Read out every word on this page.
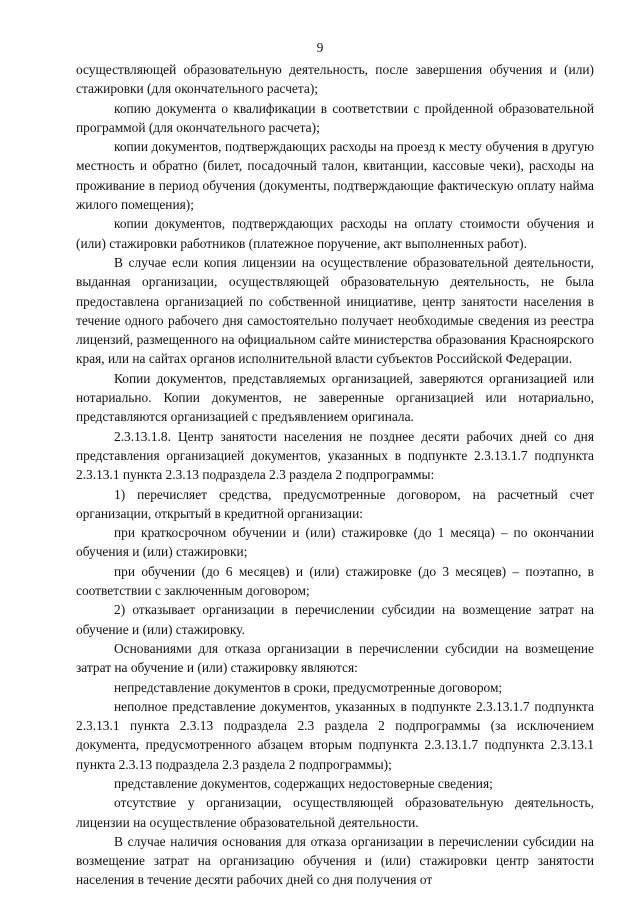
9

осуществляющей образовательную деятельность, после завершения обучения и (или) стажировки (для окончательного расчета);

копию документа о квалификации в соответствии с пройденной образовательной программой (для окончательного расчета);

копии документов, подтверждающих расходы на проезд к месту обучения в другую местность и обратно (билет, посадочный талон, квитанции, кассовые чеки), расходы на проживание в период обучения (документы, подтверждающие фактическую оплату найма жилого помещения);

копии документов, подтверждающих расходы на оплату стоимости обучения и (или) стажировки работников (платежное поручение, акт выполненных работ).

В случае если копия лицензии на осуществление образовательной деятельности, выданная организации, осуществляющей образовательную деятельность, не была предоставлена организацией по собственной инициативе, центр занятости населения в течение одного рабочего дня самостоятельно получает необходимые сведения из реестра лицензий, размещенного на официальном сайте министерства образования Красноярского края, или на сайтах органов исполнительной власти субъектов Российской Федерации.

Копии документов, представляемых организацией, заверяются организацией или нотариально. Копии документов, не заверенные организацией или нотариально, представляются организацией с предъявлением оригинала.

2.3.13.1.8. Центр занятости населения не позднее десяти рабочих дней со дня представления организацией документов, указанных в подпункте 2.3.13.1.7 подпункта 2.3.13.1 пункта 2.3.13 подраздела 2.3 раздела 2 подпрограммы:

1) перечисляет средства, предусмотренные договором, на расчетный счет организации, открытый в кредитной организации:

при краткосрочном обучении и (или) стажировке (до 1 месяца) – по окончании обучения и (или) стажировки;

при обучении (до 6 месяцев) и (или) стажировке (до 3 месяцев) – поэтапно, в соответствии с заключенным договором;

2) отказывает организации в перечислении субсидии на возмещение затрат на обучение и (или) стажировку.

Основаниями для отказа организации в перечислении субсидии на возмещение затрат на обучение и (или) стажировку являются:

непредставление документов в сроки, предусмотренные договором;

неполное представление документов, указанных в подпункте 2.3.13.1.7 подпункта 2.3.13.1 пункта 2.3.13 подраздела 2.3 раздела 2 подпрограммы (за исключением документа, предусмотренного абзацем вторым подпункта 2.3.13.1.7 подпункта 2.3.13.1 пункта 2.3.13 подраздела 2.3 раздела 2 подпрограммы);

представление документов, содержащих недостоверные сведения;

отсутствие у организации, осуществляющей образовательную деятельность, лицензии на осуществление образовательной деятельности.

В случае наличия основания для отказа организации в перечислении субсидии на возмещение затрат на организацию обучения и (или) стажировки центр занятости населения в течение десяти рабочих дней со дня получения от
